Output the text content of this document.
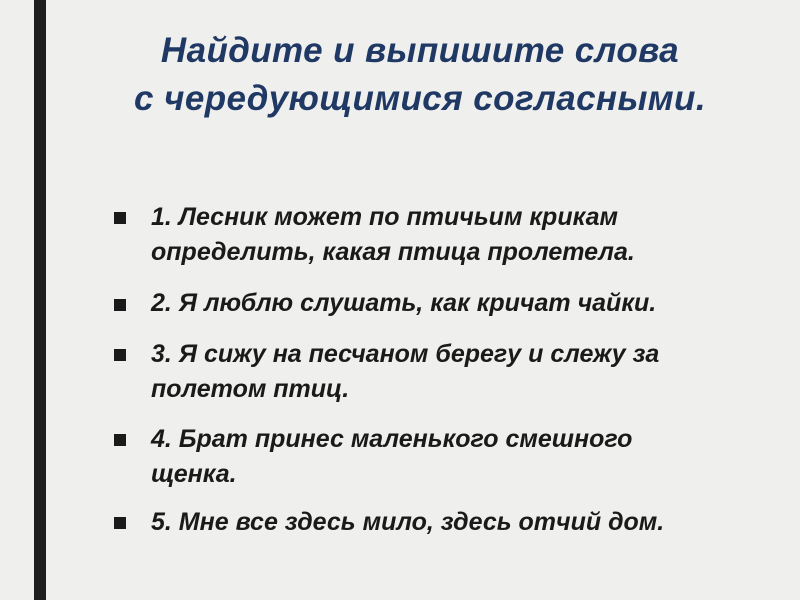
Найдите и выпишите слова
с чередующимися согласными.
1. Лесник может по птичьим крикам
определить, какая птица пролетела.
2. Я люблю слушать, как кричат чайки.
3. Я сижу на песчаном берегу и слежу за
полетом птиц.
4. Брат принес маленького смешного
щенка.
5. Мне все здесь мило, здесь отчий дом.
